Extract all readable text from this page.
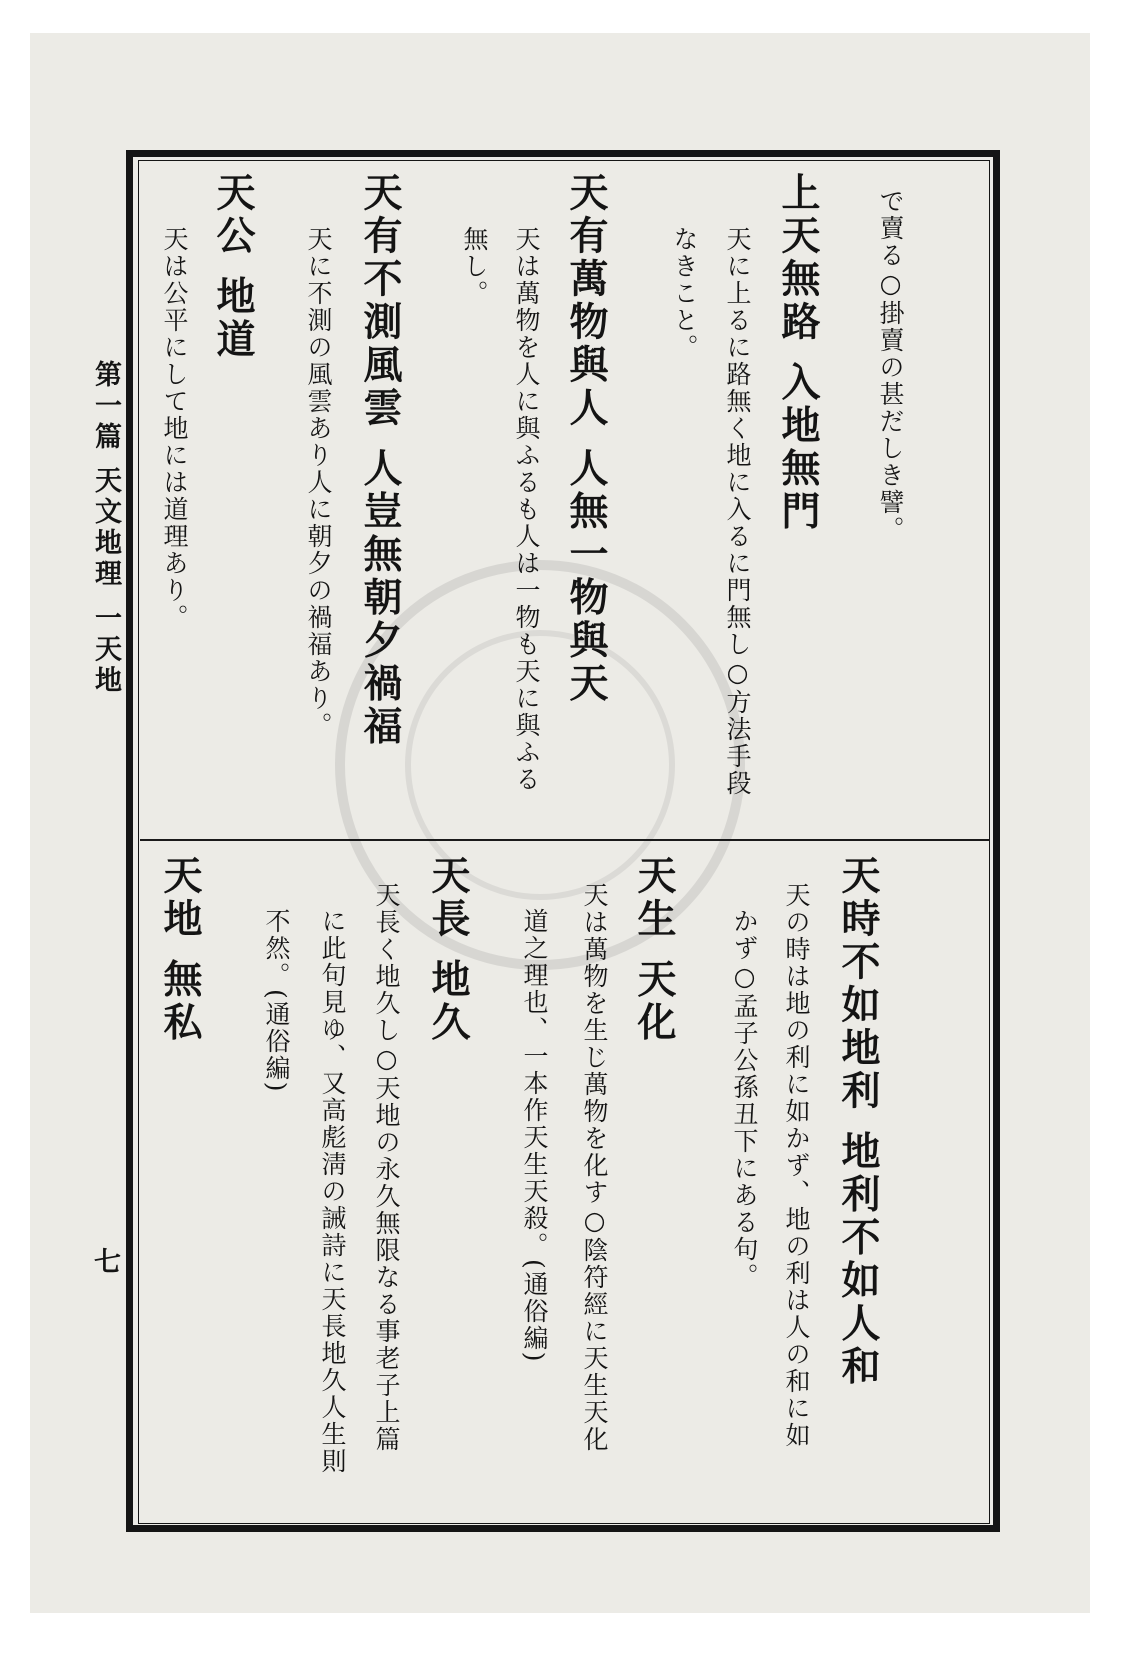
第一篇 天文地理 一天地
七
で賣る○掛賣の甚だしき譬。
上天無路 入地無門
天に上るに路無く地に入るに門無し○方法手段
なきこと。
天有萬物與人 人無一物與天
天は萬物を人に與ふるも人は一物も天に與ふる
無し。
天有不測風雲 人豈無朝夕禍福
天に不測の風雲あり人に朝夕の禍福あり。
天公 地道
天は公平にして地には道理あり。
天時不如地利 地利不如人和
天の時は地の利に如かず、地の利は人の和に如
かず○孟子公孫丑下にある句。
天生 天化
天は萬物を生じ萬物を化す○陰符經に天生天化
道之理也、一本作天生天殺。(通俗編)
天長 地久
天長く地久し○天地の永久無限なる事老子上篇
に此句見ゆ、又高彪淸の誡詩に天長地久人生則
不然。(通俗編)
天地 無私
